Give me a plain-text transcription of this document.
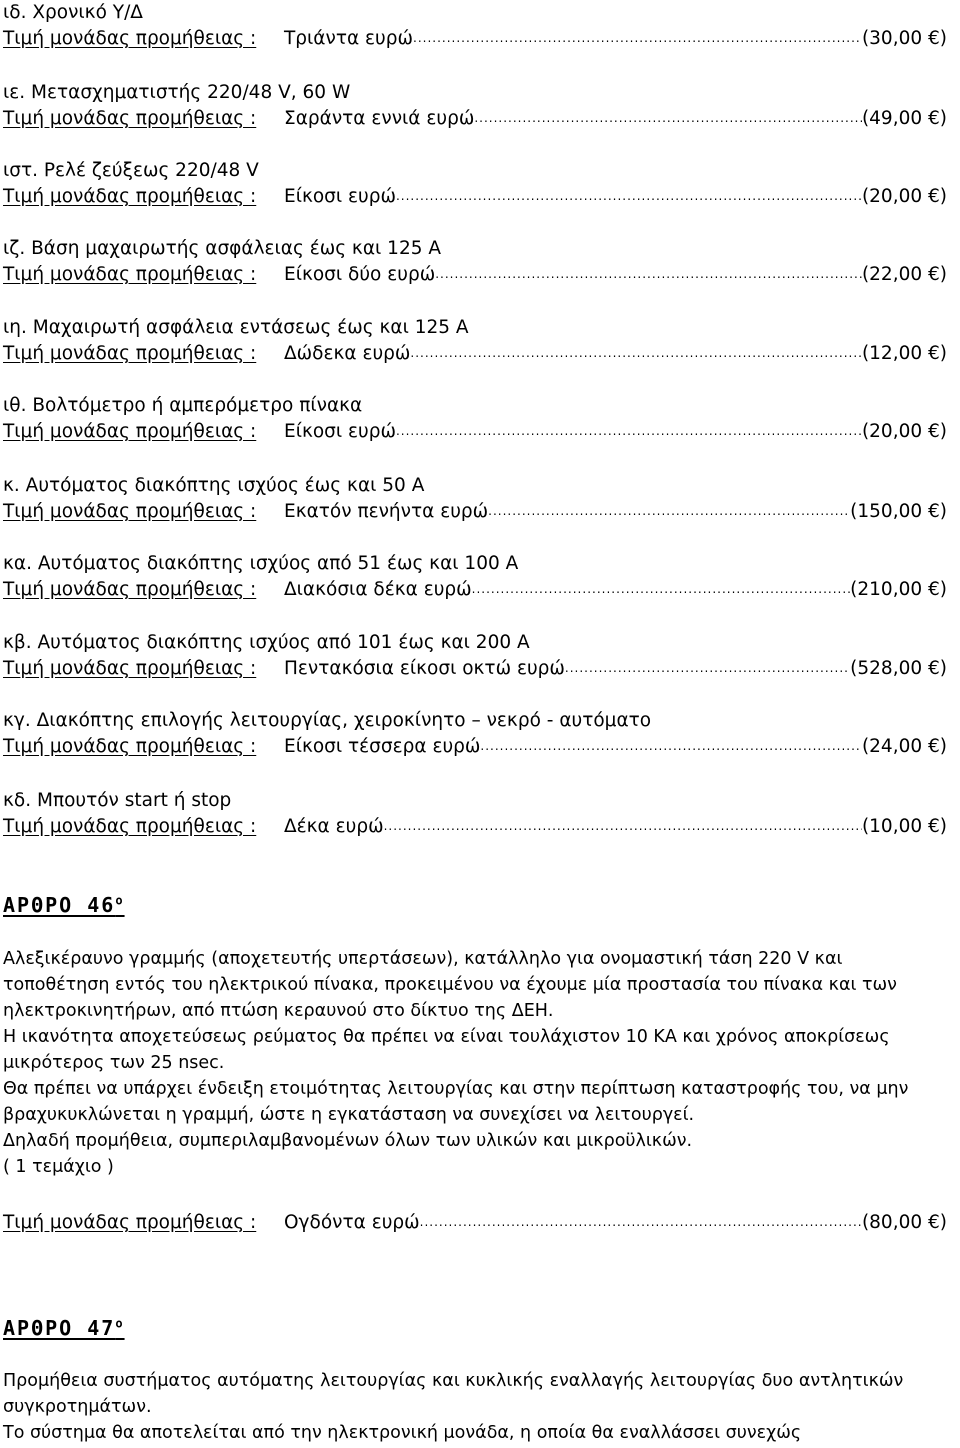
ιδ. Χρονικό Υ/Δ
Τιμή μονάδας προμήθειας :	Τριάντα ευρώ .....	(30,00 €)
ιε. Μετασχηματιστής 220/48 V, 60 W
Τιμή μονάδας προμήθειας :	Σαράντα εννιά ευρώ .....	(49,00 €)
ιστ. Ρελέ ζεύξεως 220/48 V
Τιμή μονάδας προμήθειας :	Είκοσι ευρώ .....	(20,00 €)
ιζ. Βάση μαχαιρωτής ασφάλειας έως και 125 A
Τιμή μονάδας προμήθειας :	Είκοσι δύο ευρώ .....	(22,00 €)
ιη. Μαχαιρωτή ασφάλεια εντάσεως έως και 125 A
Τιμή μονάδας προμήθειας :	Δώδεκα ευρώ .....	(12,00 €)
ιθ. Βολτόμετρο ή αμπερόμετρο πίνακα
Τιμή μονάδας προμήθειας :	Είκοσι ευρώ .....	(20,00 €)
κ. Αυτόματος διακόπτης ισχύος έως και 50 A
Τιμή μονάδας προμήθειας :	Εκατόν πενήντα ευρώ .....	(150,00 €)
κα. Αυτόματος διακόπτης ισχύος από 51 έως και 100 A
Τιμή μονάδας προμήθειας :	Διακόσια δέκα ευρώ .....	(210,00 €)
κβ. Αυτόματος διακόπτης ισχύος από 101 έως και 200 A
Τιμή μονάδας προμήθειας :	Πεντακόσια είκοσι οκτώ ευρώ .....	(528,00 €)
κγ. Διακόπτης επιλογής λειτουργίας, χειροκίνητο – νεκρό - αυτόματο
Τιμή μονάδας προμήθειας :	Είκοσι τέσσερα ευρώ .....	(24,00 €)
κδ. Μπουτόν start ή stop
Τιμή μονάδας προμήθειας :	Δέκα ευρώ .....	(10,00 €)
ΑΡΘΡΟ $46^o$

Αλεξικέραυνο γραμμής (αποχετευτής υπερτάσεων), κατάλληλο για ονομαστική τάση 220 V και τοποθέτηση εντός του ηλεκτρικού πίνακα, προκειμένου να έχουμε μία προστασία του πίνακα και των ηλεκτροκινητήρων, από πτώση κεραυνού στο δίκτυο της ΔΕΗ.

Η ικανότητα αποχετεύσεως ρεύματος θα πρέπει να είναι τουλάχιστον 10 ΚΑ και χρόνος αποκρίσεως μικρότερος των 25 nsec.

Θα πρέπει να υπάρχει ένδειξη ετοιμότητας λειτουργίας και στην περίπτωση καταστροφής του, να μην βραχυκυκλώνεται η γραμμή, ώστε η εγκατάσταση να συνεχίσει να λειτουργεί.

Δηλαδή προμήθεια, συμπεριλαμβανομένων όλων των υλικών και μικροϋλικών.

( 1 τεμάχιο )

Τιμή μονάδας προμήθειας :	Ογδόντα ευρώ .....	(80,00 €)
ΑΡΘΡΟ $47^o$

Προμήθεια συστήματος αυτόματης λειτουργίας και κυκλικής εναλλαγής λειτουργίας δυο αντλητικών συγκροτημάτων.

Το σύστημα θα αποτελείται από την ηλεκτρονική μονάδα, η οποία θα εναλλάσσει συνεχώς
